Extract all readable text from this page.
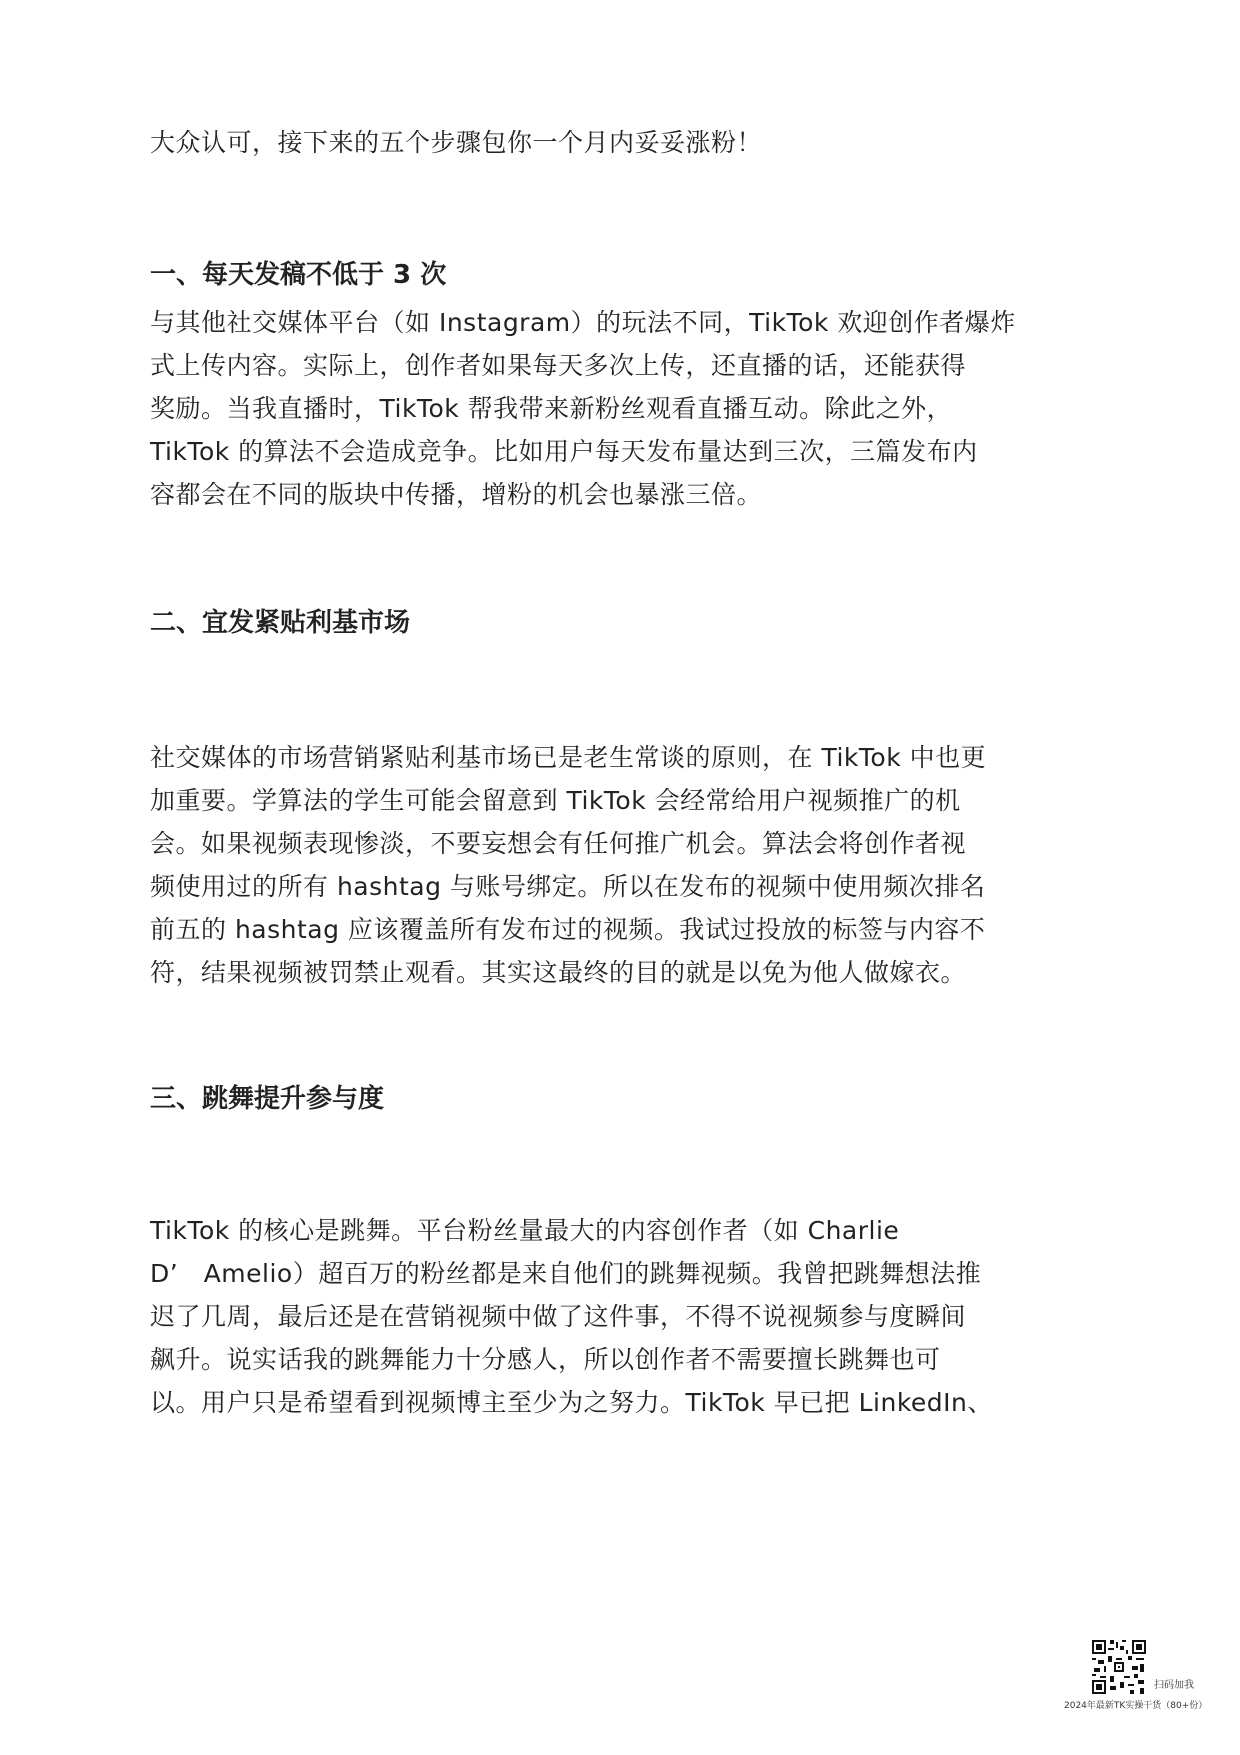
大众认可，接下来的五个步骤包你一个月内妥妥涨粉！
一、每天发稿不低于 3 次
与其他社交媒体平台（如 Instagram）的玩法不同，TikTok 欢迎创作者爆炸
式上传内容。实际上，创作者如果每天多次上传，还直播的话，还能获得
奖励。当我直播时，TikTok 帮我带来新粉丝观看直播互动。除此之外，
TikTok 的算法不会造成竞争。比如用户每天发布量达到三次，三篇发布内
容都会在不同的版块中传播，增粉的机会也暴涨三倍。
二、宜发紧贴利基市场
社交媒体的市场营销紧贴利基市场已是老生常谈的原则，在 TikTok 中也更
加重要。学算法的学生可能会留意到 TikTok 会经常给用户视频推广的机
会。如果视频表现惨淡，不要妄想会有任何推广机会。算法会将创作者视
频使用过的所有 hashtag 与账号绑定。所以在发布的视频中使用频次排名
前五的 hashtag 应该覆盖所有发布过的视频。我试过投放的标签与内容不
符，结果视频被罚禁止观看。其实这最终的目的就是以免为他人做嫁衣。
三、跳舞提升参与度
TikTok 的核心是跳舞。平台粉丝量最大的内容创作者（如 Charlie
D’　Amelio）超百万的粉丝都是来自他们的跳舞视频。我曾把跳舞想法推
迟了几周，最后还是在营销视频中做了这件事，不得不说视频参与度瞬间
飙升。说实话我的跳舞能力十分感人，所以创作者不需要擅长跳舞也可
以。用户只是希望看到视频博主至少为之努力。TikTok 早已把 LinkedIn、
扫码加我
2024年最新TK实操干货（80+份）
